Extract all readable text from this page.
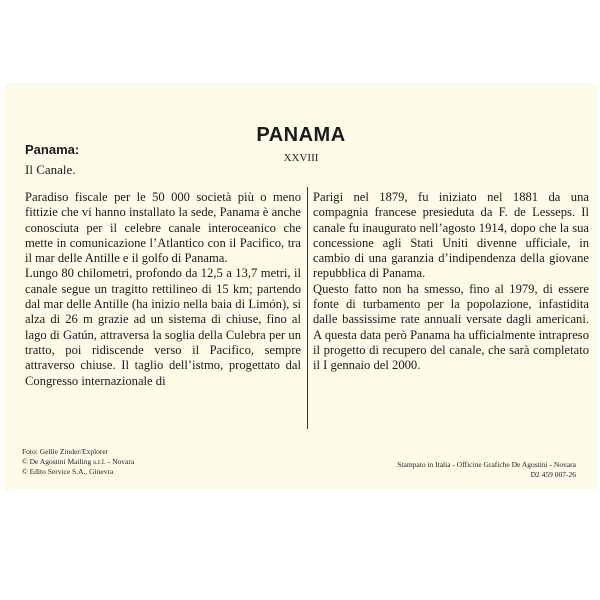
PANAMA
XXVIII
Panama:
Il Canale.

Paradiso fiscale per le 50 000 società più o meno fittizie che vi hanno installato la sede, Panama è anche conosciuta per il celebre canale interoceanico che mette in comunicazione l’Atlantico con il Pacifico, tra il mar delle Antille e il golfo di Panama.

Lungo 80 chilometri, profondo da 12,5 a 13,7 metri, il canale segue un tragitto rettilineo di 15 km; partendo dal mar delle Antille (ha inizio nella baia di Limón), si alza di 26 m grazie ad un sistema di chiuse, fino al lago di Gatún, attraversa la soglia della Culebra per un tratto, poi ridiscende verso il Pacifico, sempre attraverso chiuse. Il taglio dell’istmo, progettato dal Congresso internazionale di

Parigi nel 1879, fu iniziato nel 1881 da una compagnia francese presieduta da F. de Lesseps. Il canale fu inaugurato nell’agosto 1914, dopo che la sua concessione agli Stati Uniti divenne ufficiale, in cambio di una garanzia d’indipendenza della giovane repubblica di Panama.

Questo fatto non ha smesso, fino al 1979, di essere fonte di turbamento per la popolazione, infastidita dalle bassissime rate annuali versate dagli americani. A questa data però Panama ha ufficialmente intrapreso il progetto di recupero del canale, che sarà completato il I gennaio del 2000.

Foto: Gellie Zinder/Explorer
© De Agostini Mailing s.r.l. - Novara
© Edito Service S.A., Ginevra
Stampato in Italia - Officine Grafiche De Agostini - Novara
D2 459 007-26
